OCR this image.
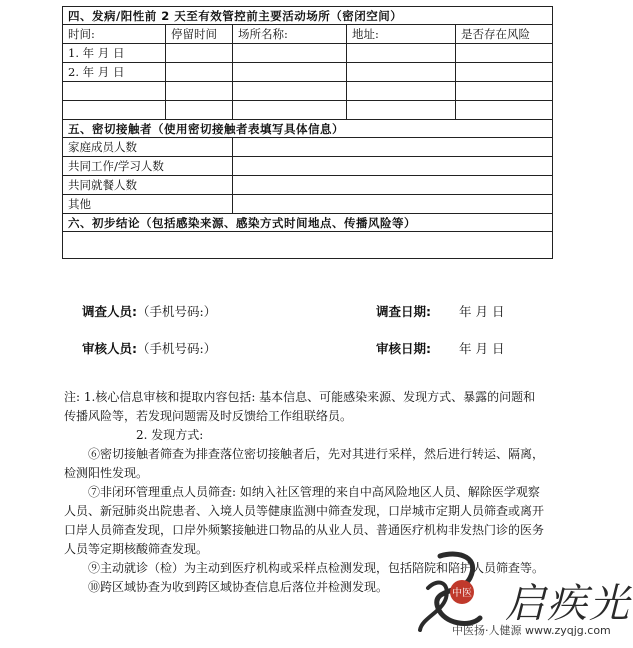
四、发病/阳性前 2 天至有效管控前主要活动场所（密闭空间）				
时间:	停留时间	场所名称:	地址:	是否存在风险
1. 年 月 日				
2. 年 月 日				

五、密切接触者（使用密切接触者表填写具体信息）				
家庭成员人数				
共同工作/学习人数				
共同就餐人数				
其他				
六、初步结论（包括感染来源、感染方式时间地点、传播风险等）				

调查人员:（手机号码:）	调查日期: 年 月 日
审核人员:（手机号码:）	审核日期: 年 月 日

注: 1.核心信息审核和提取内容包括: 基本信息、可能感染来源、发现方式、暴露的问题和传播风险等，若发现问题需及时反馈给工作组联络员。

2. 发现方式:

⑥密切接触者筛查为排查落位密切接触者后，先对其进行采样，然后进行转运、隔离，检测阳性发现。

⑦非闭环管理重点人员筛查: 如纳入社区管理的来自中高风险地区人员、解除医学观察人员、新冠肺炎出院患者、入境人员等健康监测中筛查发现，口岸城市定期人员筛查或离开口岸人员筛查发现，口岸外频繁接触进口物品的从业人员、普通医疗机构非发热门诊的医务人员等定期核酸筛查发现。

⑨主动就诊（检）为主动到医疗机构或采样点检测发现，包括陪院和陪护人员筛查等。

⑩跨区域协查为收到跨区域协查信息后落位并检测发现。	中医 启疾光
中医扬·人健源 www.zyqjg.com
